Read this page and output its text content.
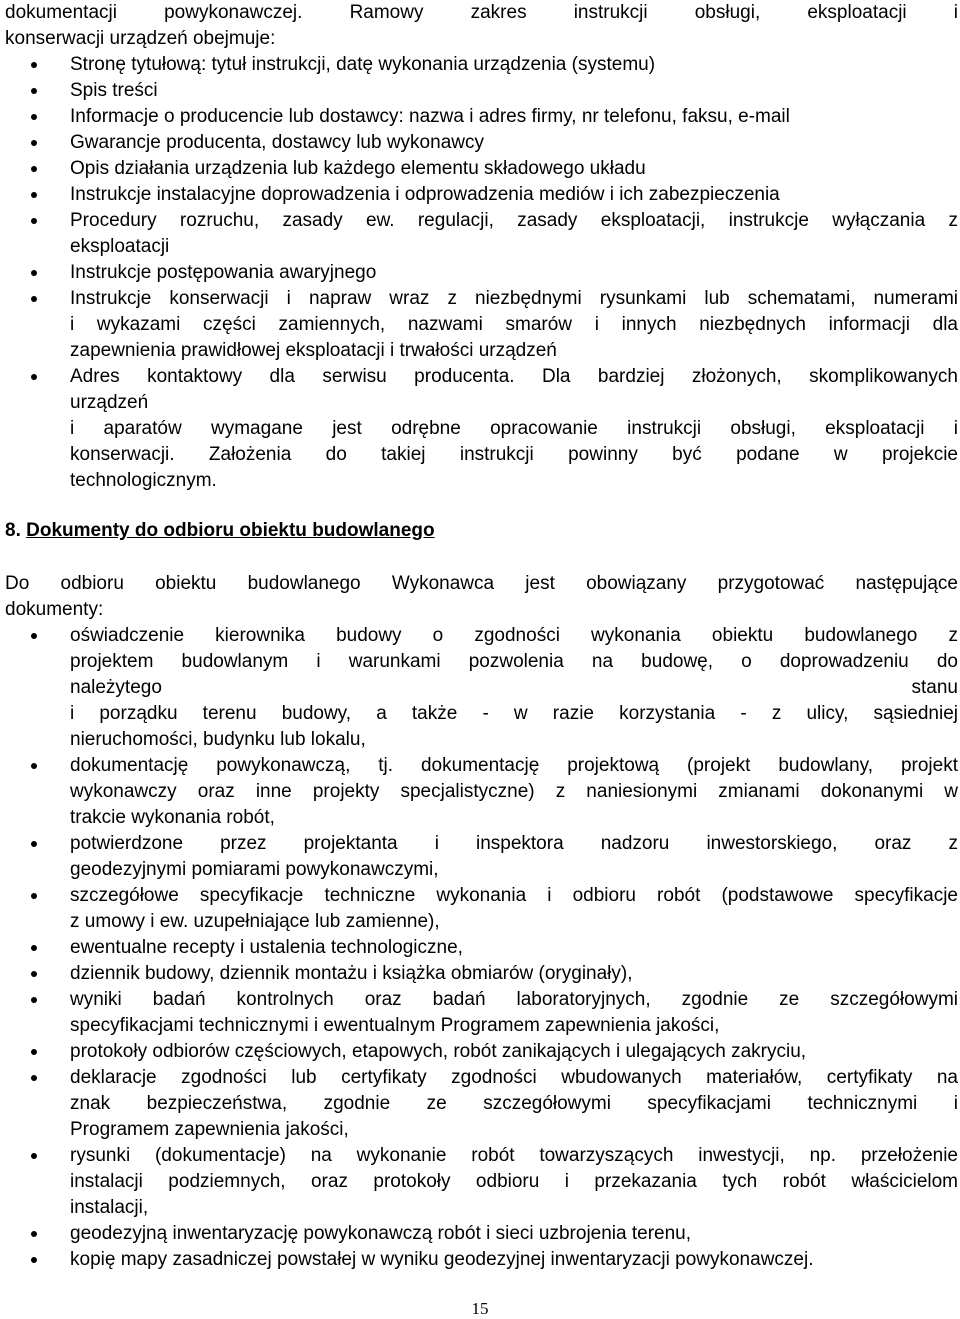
dokumentacji powykonawczej. Ramowy zakres instrukcji obsługi, eksploatacji i
konserwacji urządzeń obejmuje:

Stronę tytułową: tytuł instrukcji, datę wykonania urządzenia (systemu)
Spis treści
Informacje o producencie lub dostawcy: nazwa i adres firmy, nr telefonu, faksu, e-mail
Gwarancje producenta, dostawcy lub wykonawcy
Opis działania urządzenia lub każdego elementu składowego układu
Instrukcje instalacyjne doprowadzenia i odprowadzenia mediów i ich zabezpieczenia
Procedury rozruchu, zasady ew. regulacji, zasady eksploatacji, instrukcje wyłączania z
eksploatacji
Instrukcje postępowania awaryjnego
Instrukcje konserwacji i napraw wraz z niezbędnymi rysunkami lub schematami, numerami
i wykazami części zamiennych, nazwami smarów i innych niezbędnych informacji dla
zapewnienia prawidłowej eksploatacji i trwałości urządzeń
Adres kontaktowy dla serwisu producenta. Dla bardziej złożonych, skomplikowanych
urządzeń
i aparatów wymagane jest odrębne opracowanie instrukcji obsługi, eksploatacji i
konserwacji. Założenia do takiej instrukcji powinny być podane w projekcie
technologicznym.
8. Dokumenty do odbioru obiektu budowlanego

Do odbioru obiektu budowlanego Wykonawca jest obowiązany przygotować następujące
dokumenty:

oświadczenie kierownika budowy o zgodności wykonania obiektu budowlanego z
projektem budowlanym i warunkami pozwolenia na budowę, o doprowadzeniu do
należytego stanu
i porządku terenu budowy, a także - w razie korzystania - z ulicy, sąsiedniej
nieruchomości, budynku lub lokalu,
dokumentację powykonawczą, tj. dokumentację projektową (projekt budowlany, projekt
wykonawczy oraz inne projekty specjalistyczne) z naniesionymi zmianami dokonanymi w
trakcie wykonania robót,
potwierdzone przez projektanta i inspektora nadzoru inwestorskiego, oraz z
geodezyjnymi pomiarami powykonawczymi,
szczegółowe specyfikacje techniczne wykonania i odbioru robót (podstawowe specyfikacje
z umowy i ew. uzupełniające lub zamienne),
ewentualne recepty i ustalenia technologiczne,
dziennik budowy, dziennik montażu i książka obmiarów (oryginały),
wyniki badań kontrolnych oraz badań laboratoryjnych, zgodnie ze szczegółowymi
specyfikacjami technicznymi i ewentualnym Programem zapewnienia jakości,
protokoły odbiorów częściowych, etapowych, robót zanikających i ulegających zakryciu,
deklaracje zgodności lub certyfikaty zgodności wbudowanych materiałów, certyfikaty na
znak bezpieczeństwa, zgodnie ze szczegółowymi specyfikacjami technicznymi i
Programem zapewnienia jakości,
rysunki (dokumentacje) na wykonanie robót towarzyszących inwestycji, np. przełożenie
instalacji podziemnych, oraz protokoły odbioru i przekazania tych robót właścicielom
instalacji,
geodezyjną inwentaryzację powykonawczą robót i sieci uzbrojenia terenu,
kopię mapy zasadniczej powstałej w wyniku geodezyjnej inwentaryzacji powykonawczej.
15
